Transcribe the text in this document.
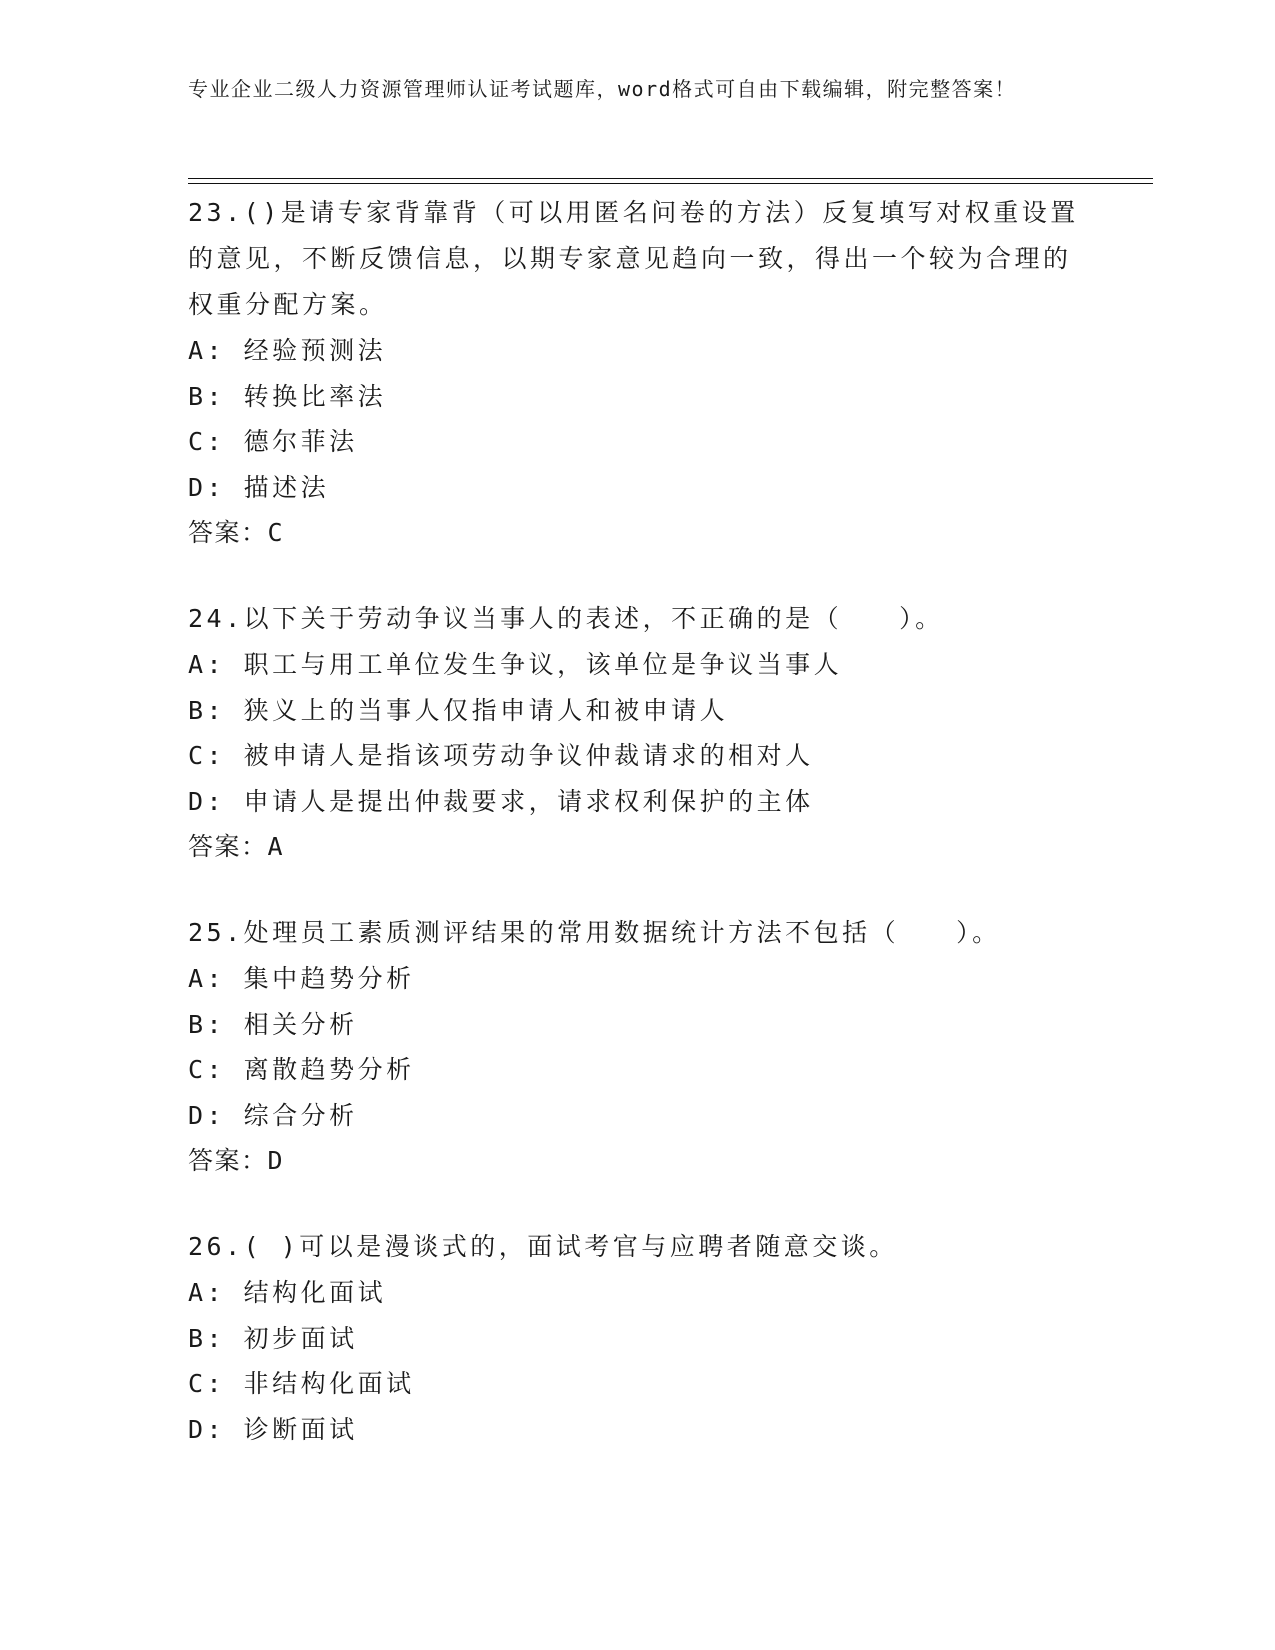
专业企业二级人力资源管理师认证考试题库，word格式可自由下载编辑，附完整答案！

23.()是请专家背靠背（可以用匿名问卷的方法）反复填写对权重设置的意见，不断反馈信息，以期专家意见趋向一致，得出一个较为合理的权重分配方案。

A: 经验预测法

B: 转换比率法

C: 德尔菲法

D: 描述法

答案：C

24.以下关于劳动争议当事人的表述，不正确的是（　　）。

A: 职工与用工单位发生争议，该单位是争议当事人

B: 狭义上的当事人仅指申请人和被申请人

C: 被申请人是指该项劳动争议仲裁请求的相对人

D: 申请人是提出仲裁要求，请求权利保护的主体

答案：A

25.处理员工素质测评结果的常用数据统计方法不包括（　　）。

A: 集中趋势分析

B: 相关分析

C: 离散趋势分析

D: 综合分析

答案：D

26.( )可以是漫谈式的，面试考官与应聘者随意交谈。

A: 结构化面试

B: 初步面试

C: 非结构化面试

D: 诊断面试
